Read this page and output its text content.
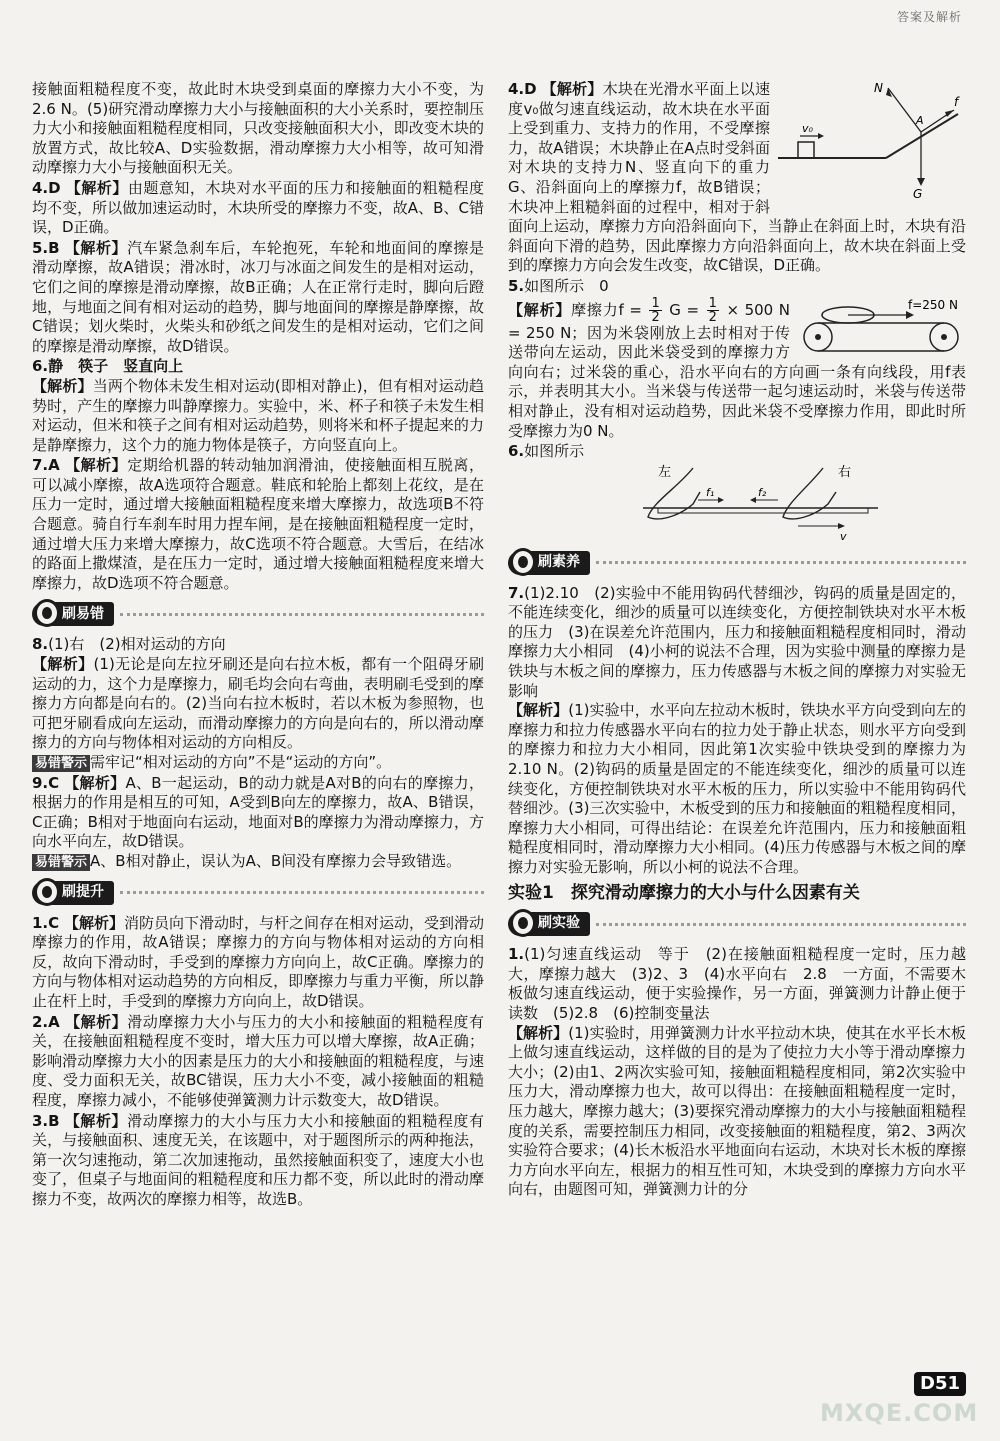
答案及解析

接触面粗糙程度不变，故此时木块受到桌面的摩擦力大小不变，为2.6 N。(5)研究滑动摩擦力大小与接触面积的大小关系时，要控制压力大小和接触面粗糙程度相同，只改变接触面积大小，即改变木块的放置方式，故比较A、D实验数据，滑动摩擦力大小相等，故可知滑动摩擦力大小与接触面积无关。

4.D 【解析】由题意知，木块对水平面的压力和接触面的粗糙程度均不变，所以做加速运动时，木块所受的摩擦力不变，故A、B、C错误，D正确。

5.B 【解析】汽车紧急刹车后，车轮抱死，车轮和地面间的摩擦是滑动摩擦，故A错误；滑冰时，冰刀与冰面之间发生的是相对运动，它们之间的摩擦是滑动摩擦，故B正确；人在正常行走时，脚向后蹬地，与地面之间有相对运动的趋势，脚与地面间的摩擦是静摩擦，故C错误；划火柴时，火柴头和砂纸之间发生的是相对运动，它们之间的摩擦是滑动摩擦，故D错误。

6.静　筷子　竖直向上

【解析】当两个物体未发生相对运动(即相对静止)，但有相对运动趋势时，产生的摩擦力叫静摩擦力。实验中，米、杯子和筷子未发生相对运动，但米和筷子之间有相对运动趋势，则将米和杯子提起来的力是静摩擦力，这个力的施力物体是筷子，方向竖直向上。

7.A 【解析】定期给机器的转动轴加润滑油，使接触面相互脱离，可以减小摩擦，故A选项符合题意。鞋底和轮胎上都刻上花纹，是在压力一定时，通过增大接触面粗糙程度来增大摩擦力，故选项B不符合题意。骑自行车刹车时用力捏车闸，是在接触面粗糙程度一定时，通过增大压力来增大摩擦力，故C选项不符合题意。大雪后，在结冰的路面上撒煤渣，是在压力一定时，通过增大接触面粗糙程度来增大摩擦力，故D选项不符合题意。

刷易错

8.(1)右　(2)相对运动的方向

【解析】(1)无论是向左拉牙刷还是向右拉木板，都有一个阻碍牙刷运动的力，这个力是摩擦力，刷毛均会向右弯曲，表明刷毛受到的摩擦力方向都是向右的。(2)当向右拉木板时，若以木板为参照物，也可把牙刷看成向左运动，而滑动摩擦力的方向是向右的，所以滑动摩擦力的方向与物体相对运动的方向相反。

易错警示 需牢记“相对运动的方向”不是“运动的方向”。

9.C 【解析】A、B一起运动，B的动力就是A对B的向右的摩擦力，根据力的作用是相互的可知，A受到B向左的摩擦力，故A、B错误，C正确；B相对于地面向右运动，地面对B的摩擦力为滑动摩擦力，方向水平向左，故D错误。

易错警示 A、B相对静止，误认为A、B间没有摩擦力会导致错选。

刷提升

1.C 【解析】消防员向下滑动时，与杆之间存在相对运动，受到滑动摩擦力的作用，故A错误；摩擦力的方向与物体相对运动的方向相反，故向下滑动时，手受到的摩擦力方向向上，故C正确。摩擦力的方向与物体相对运动趋势的方向相反，即摩擦力与重力平衡，所以静止在杆上时，手受到的摩擦力方向向上，故D错误。

2.A 【解析】滑动摩擦力大小与压力的大小和接触面的粗糙程度有关，在接触面粗糙程度不变时，增大压力可以增大摩擦，故A正确；影响滑动摩擦力大小的因素是压力的大小和接触面的粗糙程度，与速度、受力面积无关，故BC错误，压力大小不变，减小接触面的粗糙程度，摩擦力减小，不能够使弹簧测力计示数变大，故D错误。

3.B 【解析】滑动摩擦力的大小与压力大小和接触面的粗糙程度有关，与接触面积、速度无关，在该题中，对于题图所示的两种拖法，第一次匀速拖动，第二次加速拖动，虽然接触面积变了，速度大小也变了，但桌子与地面间的粗糙程度和压力都不变，所以此时的滑动摩擦力不变，故两次的摩擦力相等，故选B。

v₀
N
f
G
A

4.D 【解析】木块在光滑水平面上以速度v₀做匀速直线运动，故木块在水平面上受到重力、支持力的作用，不受摩擦力，故A错误；木块静止在A点时受斜面对木块的支持力N、竖直向下的重力G、沿斜面向上的摩擦力f，故B错误；木块冲上粗糙斜面的过程中，相对于斜面向上运动，摩擦力方向沿斜面向下，当静止在斜面上时，木块有沿斜面向下滑的趋势，因此摩擦力方向沿斜面向上，故木块在斜面上受到的摩擦力方向会发生改变，故C错误，D正确。

5.如图所示　0

f=250 N

【解析】摩擦力$f = \frac{1}{2}$ $G = \frac{1}{2} \times 500$ N = 250 N；因为米袋刚放上去时相对于传送带向左运动，因此米袋受到的摩擦力方向向右；过米袋的重心，沿水平向右的方向画一条有向线段，用f表示，并表明其大小。当米袋与传送带一起匀速运动时，米袋与传送带相对静止，没有相对运动趋势，因此米袋不受摩擦力作用，即此时所受摩擦力为0 N。

6.如图所示

左	右
f₁	f₂
v
刷素养

7.(1)2.10　(2)实验中不能用钩码代替细沙，钩码的质量是固定的，不能连续变化，细沙的质量可以连续变化，方便控制铁块对水平木板的压力　(3)在误差允许范围内，压力和接触面粗糙程度相同时，滑动摩擦力大小相同　(4)小柯的说法不合理，因为实验中测量的摩擦力是铁块与木板之间的摩擦力，压力传感器与木板之间的摩擦力对实验无影响

【解析】(1)实验中，水平向左拉动木板时，铁块水平方向受到向左的摩擦力和拉力传感器水平向右的拉力处于静止状态，则水平方向受到的摩擦力和拉力大小相同，因此第1次实验中铁块受到的摩擦力为2.10 N。(2)钩码的质量是固定的不能连续变化，细沙的质量可以连续变化，方便控制铁块对水平木板的压力，所以实验中不能用钩码代替细沙。(3)三次实验中，木板受到的压力和接触面的粗糙程度相同，摩擦力大小相同，可得出结论：在误差允许范围内，压力和接触面粗糙程度相同时，滑动摩擦力大小相同。(4)压力传感器与木板之间的摩擦力对实验无影响，所以小柯的说法不合理。

实验1　探究滑动摩擦力的大小与什么因素有关
刷实验

1.(1)匀速直线运动　等于　(2)在接触面粗糙程度一定时，压力越大，摩擦力越大　(3)2、3　(4)水平向右　2.8　一方面，不需要木板做匀速直线运动，便于实验操作，另一方面，弹簧测力计静止便于读数　(5)2.8　(6)控制变量法

【解析】(1)实验时，用弹簧测力计水平拉动木块，使其在水平长木板上做匀速直线运动，这样做的目的是为了使拉力大小等于滑动摩擦力大小；(2)由1、2两次实验可知，接触面粗糙程度相同，第2次实验中压力大，滑动摩擦力也大，故可以得出：在接触面粗糙程度一定时，压力越大，摩擦力越大；(3)要探究滑动摩擦力的大小与接触面粗糙程度的关系，需要控制压力相同，改变接触面的粗糙程度，第2、3两次实验符合要求；(4)长木板沿水平地面向右运动，木块对长木板的摩擦力方向水平向左，根据力的相互性可知，木块受到的摩擦力方向水平向右，由题图可知，弹簧测力计的分

D51
MXQE.COM
